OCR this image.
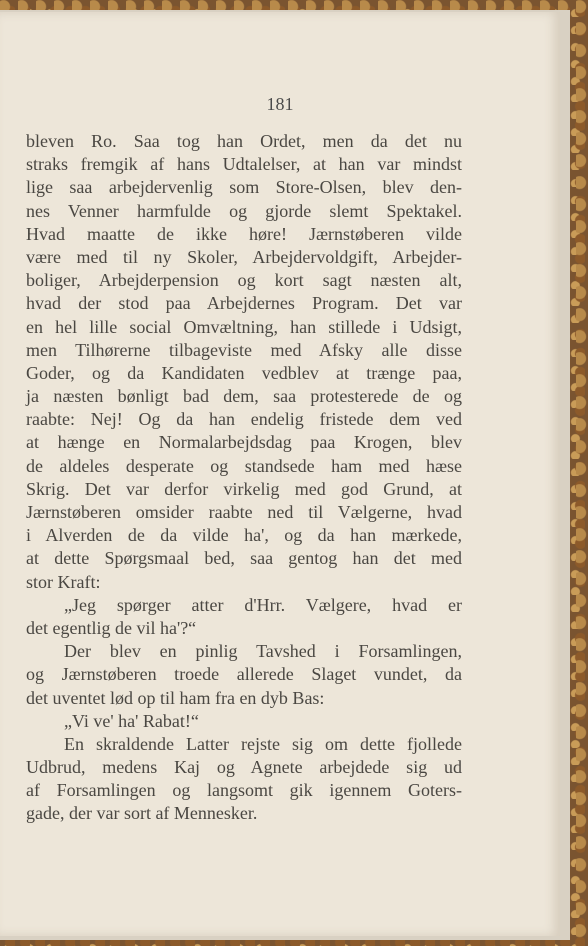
181
bleven Ro. Saa tog han Ordet, men da det nu
straks fremgik af hans Udtalelser, at han var mindst
lige saa arbejdervenlig som Store-Olsen, blev den-
nes Venner harmfulde og gjorde slemt Spektakel.
Hvad maatte de ikke høre! Jærnstøberen vilde
være med til ny Skoler, Arbejdervoldgift, Arbejder-
boliger, Arbejderpension og kort sagt næsten alt,
hvad der stod paa Arbejdernes Program. Det var
en hel lille social Omvæltning, han stillede i Udsigt,
men Tilhørerne tilbageviste med Afsky alle disse
Goder, og da Kandidaten vedblev at trænge paa,
ja næsten bønligt bad dem, saa protesterede de og
raabte: Nej! Og da han endelig fristede dem ved
at hænge en Normalarbejdsdag paa Krogen, blev
de aldeles desperate og standsede ham med hæse
Skrig. Det var derfor virkelig med god Grund, at
Jærnstøberen omsider raabte ned til Vælgerne, hvad
i Alverden de da vilde ha', og da han mærkede,
at dette Spørgsmaal bed, saa gentog han det med
stor Kraft:
„Jeg spørger atter d'Hrr. Vælgere, hvad er
det egentlig de vil ha'?“
Der blev en pinlig Tavshed i Forsamlingen,
og Jærnstøberen troede allerede Slaget vundet, da
det uventet lød op til ham fra en dyb Bas:
„Vi ve' ha' Rabat!“
En skraldende Latter rejste sig om dette fjollede
Udbrud, medens Kaj og Agnete arbejdede sig ud
af Forsamlingen og langsomt gik igennem Goters-
gade, der var sort af Mennesker.
